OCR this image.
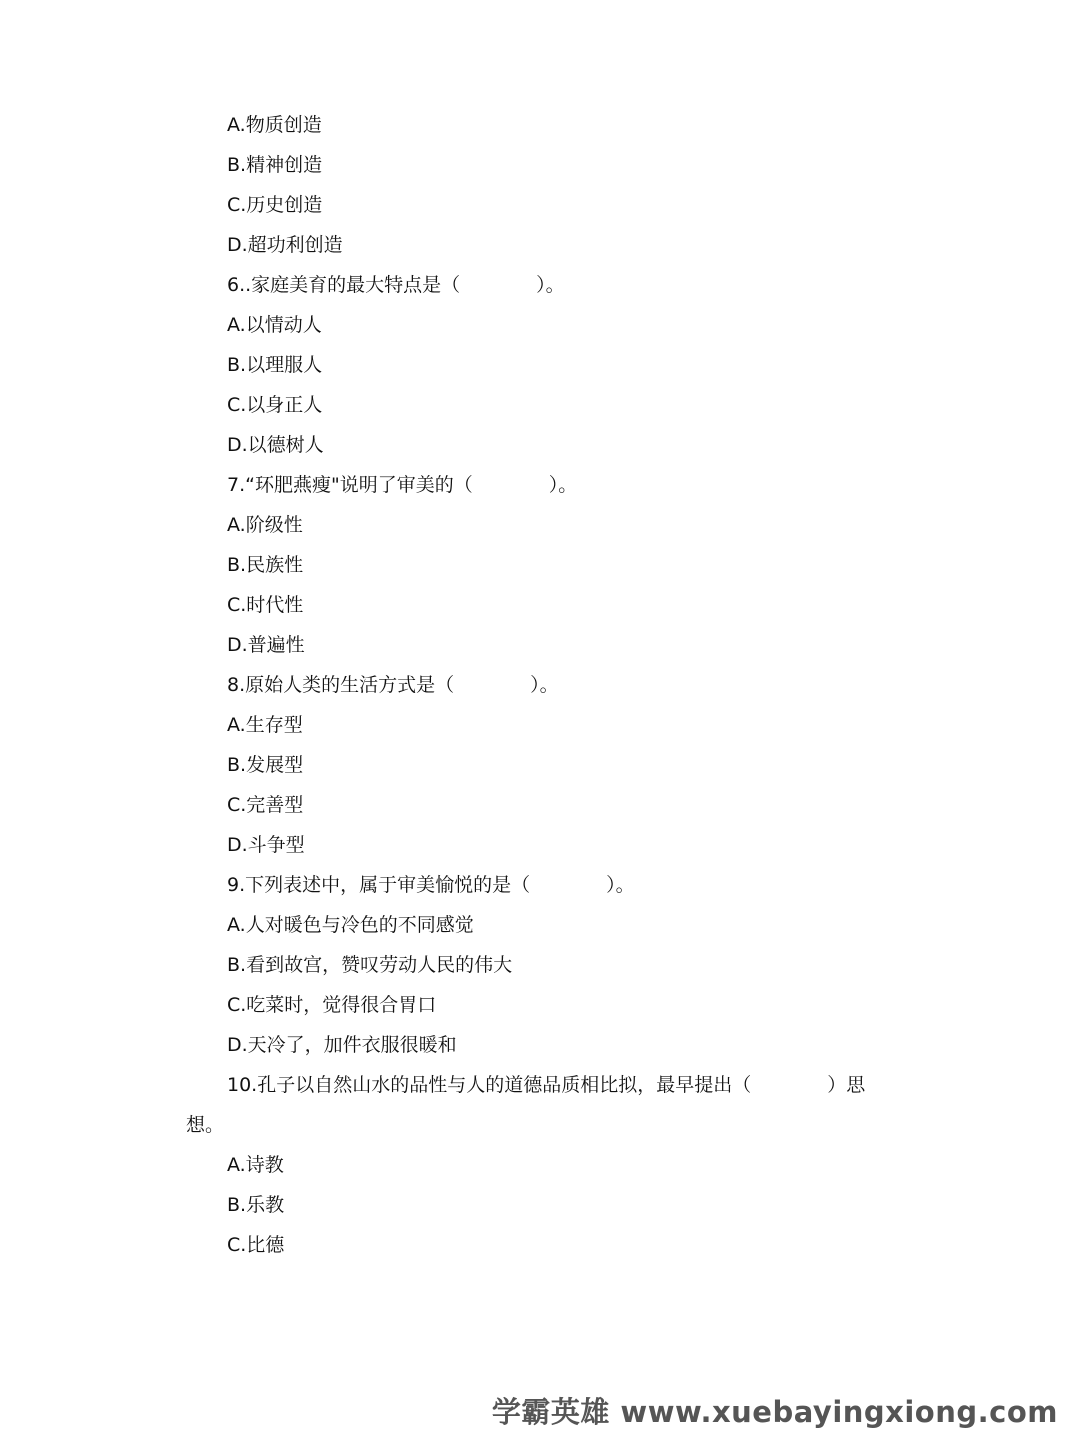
A.物质创造
B.精神创造
C.历史创造
D.超功利创造
6..家庭美育的最大特点是（　　　　）。
A.以情动人
B.以理服人
C.以身正人
D.以德树人
7.“环肥燕瘦"说明了审美的（　　　　）。
A.阶级性
B.民族性
C.时代性
D.普遍性
8.原始人类的生活方式是（　　　　）。
A.生存型
B.发展型
C.完善型
D.斗争型
9.下列表述中，属于审美愉悦的是（　　　　）。
A.人对暖色与冷色的不同感觉
B.看到故宫，赞叹劳动人民的伟大
C.吃菜时，觉得很合胃口
D.天冷了，加件衣服很暖和
10.孔子以自然山水的品性与人的道德品质相比拟，最早提出（　　　　）思
想。
A.诗教
B.乐教
C.比德
学霸英雄 www.xuebayingxiong.com
